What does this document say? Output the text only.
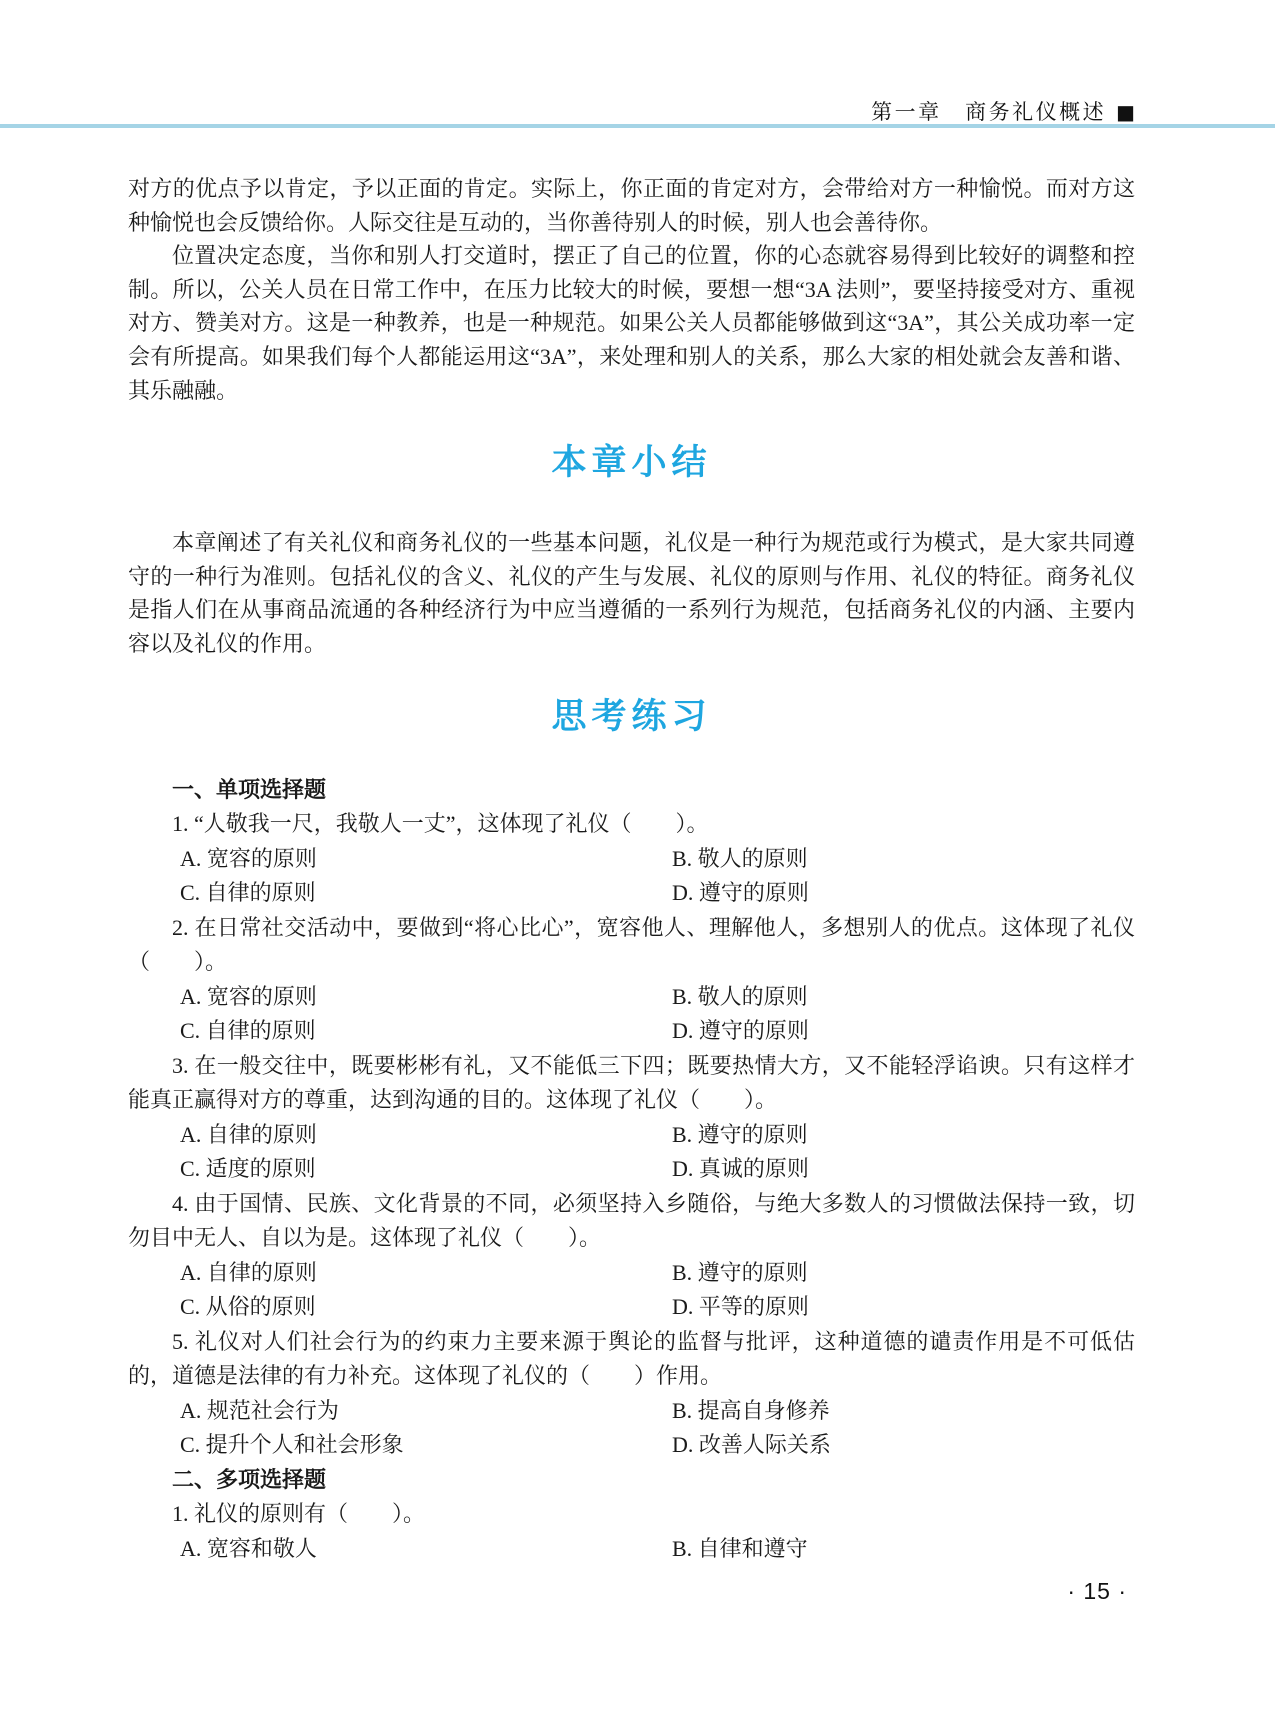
第一章　商务礼仪概述 ■

对方的优点予以肯定，予以正面的肯定。实际上，你正面的肯定对方，会带给对方一种愉悦。而对方这种愉悦也会反馈给你。人际交往是互动的，当你善待别人的时候，别人也会善待你。

位置决定态度，当你和别人打交道时，摆正了自己的位置，你的心态就容易得到比较好的调整和控制。所以，公关人员在日常工作中，在压力比较大的时候，要想一想“3A 法则”，要坚持接受对方、重视对方、赞美对方。这是一种教养，也是一种规范。如果公关人员都能够做到这“3A”，其公关成功率一定会有所提高。如果我们每个人都能运用这“3A”，来处理和别人的关系，那么大家的相处就会友善和谐、其乐融融。

本章小结

本章阐述了有关礼仪和商务礼仪的一些基本问题，礼仪是一种行为规范或行为模式，是大家共同遵守的一种行为准则。包括礼仪的含义、礼仪的产生与发展、礼仪的原则与作用、礼仪的特征。商务礼仪是指人们在从事商品流通的各种经济行为中应当遵循的一系列行为规范，包括商务礼仪的内涵、主要内容以及礼仪的作用。

思考练习

一、单项选择题

1. “人敬我一尺，我敬人一丈”，这体现了礼仪（　　）。

A. 宽容的原则	B. 敬人的原则
C. 自律的原则	D. 遵守的原则

2. 在日常社交活动中，要做到“将心比心”，宽容他人、理解他人，多想别人的优点。这体现了礼仪（　　）。

A. 宽容的原则	B. 敬人的原则
C. 自律的原则	D. 遵守的原则

3. 在一般交往中，既要彬彬有礼，又不能低三下四；既要热情大方，又不能轻浮谄谀。只有这样才能真正赢得对方的尊重，达到沟通的目的。这体现了礼仪（　　）。

A. 自律的原则	B. 遵守的原则
C. 适度的原则	D. 真诚的原则

4. 由于国情、民族、文化背景的不同，必须坚持入乡随俗，与绝大多数人的习惯做法保持一致，切勿目中无人、自以为是。这体现了礼仪（　　）。

A. 自律的原则	B. 遵守的原则
C. 从俗的原则	D. 平等的原则

5. 礼仪对人们社会行为的约束力主要来源于舆论的监督与批评，这种道德的谴责作用是不可低估的，道德是法律的有力补充。这体现了礼仪的（　　）作用。

A. 规范社会行为	B. 提高自身修养
C. 提升个人和社会形象	D. 改善人际关系

二、多项选择题

1. 礼仪的原则有（　　）。

A. 宽容和敬人	B. 自律和遵守
· 15 ·
